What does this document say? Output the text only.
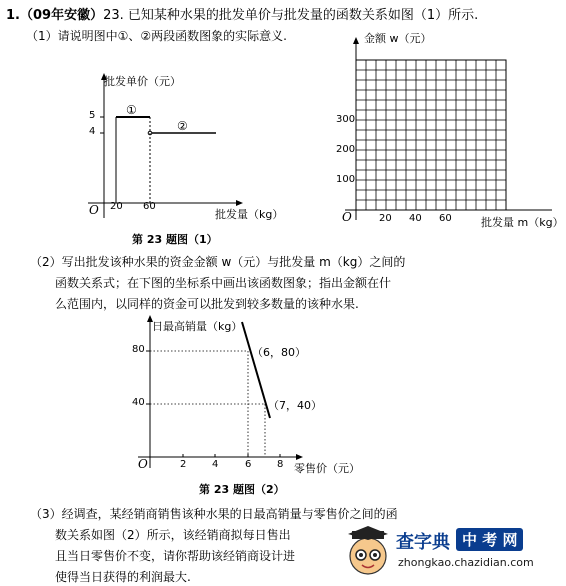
1.（09年安徽）23. 已知某种水果的批发单价与批发量的函数关系如图（1）所示.
（1）请说明图中①、②两段函数图象的实际意义.
（2）写出批发该种水果的资金金额 w（元）与批发量 m（kg）之间的
函数关系式；在下图的坐标系中画出该函数图象；指出金额在什
么范围内，以同样的资金可以批发到较多数量的该种水果.
（3）经调查，某经销商销售该种水果的日最高销量与零售价之间的函
数关系如图（2）所示，该经销商拟每日售出
且当日零售价不变，请你帮助该经销商设计进
使得当日获得的利润最大.
批发单价（元）
5
4
O 20 60
批发量（kg）
①
②
第 23 题图（1）
金额 w（元）
300
200
100
O	20 40 60	批发量 m（kg）
日最高销量（kg）
80
40
O	2	4	6	8 零售价（元）
（6，80）
（7，40）
第 23 题图（2）
查字典 中 考 网
zhongkao.chazidian.com
